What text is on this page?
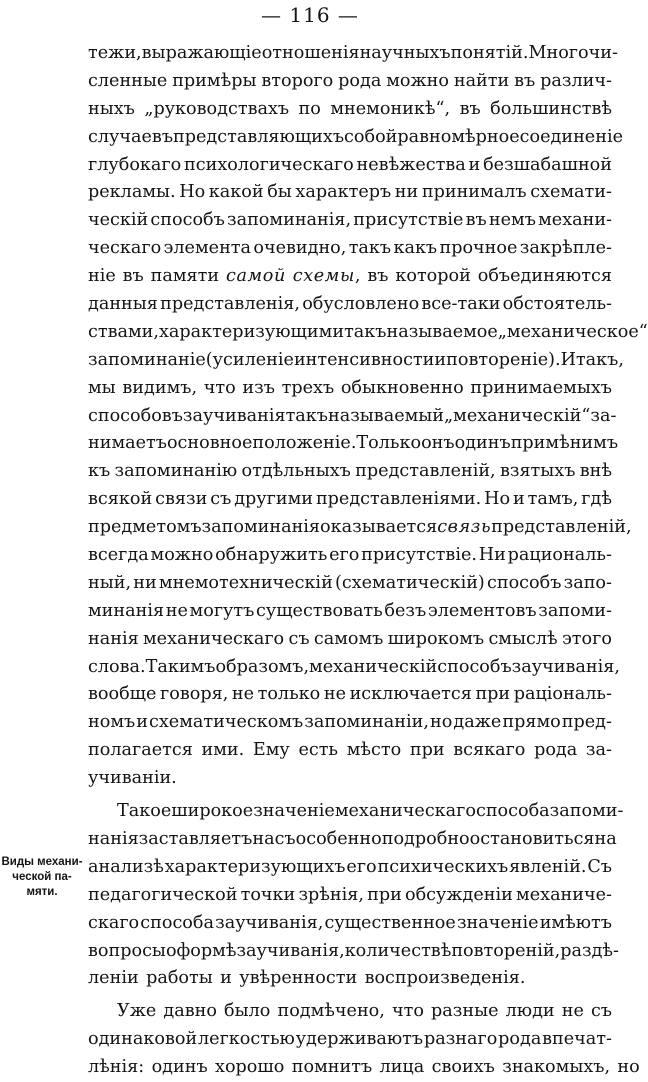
— 116 —
тежи, выражающіе отношенія научныхъ понятій. Многочи-
сленные примѣры второго рода можно найти въ различ-
ныхъ „руководствахъ по мнемоникѣ“, въ большинствѣ
случаевъ представляющихъ собой равномѣрное соединеніе
глубокаго психологическаго невѣжества и безшабашной
рекламы. Но какой бы характеръ ни принималъ схемати-
ческій способъ запоминанія, присутствіе въ немъ механи-
ческаго элемента очевидно, такъ какъ прочное закрѣпле-
ніе въ памяти самой схемы, въ которой объединяются
данныя представленія, обусловлено все-таки обстоятель-
ствами, характеризующими такъ называемое „механическое“
запоминаніе (усиленіе интенсивности и повтореніе). Итакъ,
мы видимъ, что изъ трехъ обыкновенно принимаемыхъ
способовъ заучиванія такъ называемый „механическій“ за-
нимаетъ основное положеніе. Только онъ одинъ примѣнимъ
къ запоминанію отдѣльныхъ представленій, взятыхъ внѣ
всякой связи съ другими представленіями. Но и тамъ, гдѣ
предметомъ запоминанія оказывается связь представленій,
всегда можно обнаружить его присутствіе. Ни рациональ-
ный, ни мнемотехническій (схематическій) способъ запо-
минанія не могутъ существовать безъ элементовъ запоми-
нанія механическаго съ самомъ широкомъ смыслѣ этого
слова. Такимъ образомъ, механическій способъ заучиванія,
вообще говоря, не только не исключается при раціональ-
номъ и схематическомъ запоминаніи, но даже прямо пред-
полагается ими. Ему есть мѣсто при всякаго рода за-
учиваніи.
Такое широкое значеніе механическаго способа запоми-
нанія заставляетъ насъ особенно подробно остановиться на
анализѣ характеризующихъ его психическихъ явленій. Съ
педагогической точки зрѣнія, при обсужденіи механиче-
скаго способа заучиванія, существенное значеніе имѣютъ
вопросы о формѣ заучиванія, количествѣ повтореній, раздѣ-
леніи работы и увѣренности воспроизведенія.
Уже давно было подмѣчено, что разные люди не съ
одинаковой легкостью удерживаютъ разнаго рода впечат-
лѣнія: одинъ хорошо помнитъ лица своихъ знакомыхъ, но
Виды механи-
ческой па-
мяти.
